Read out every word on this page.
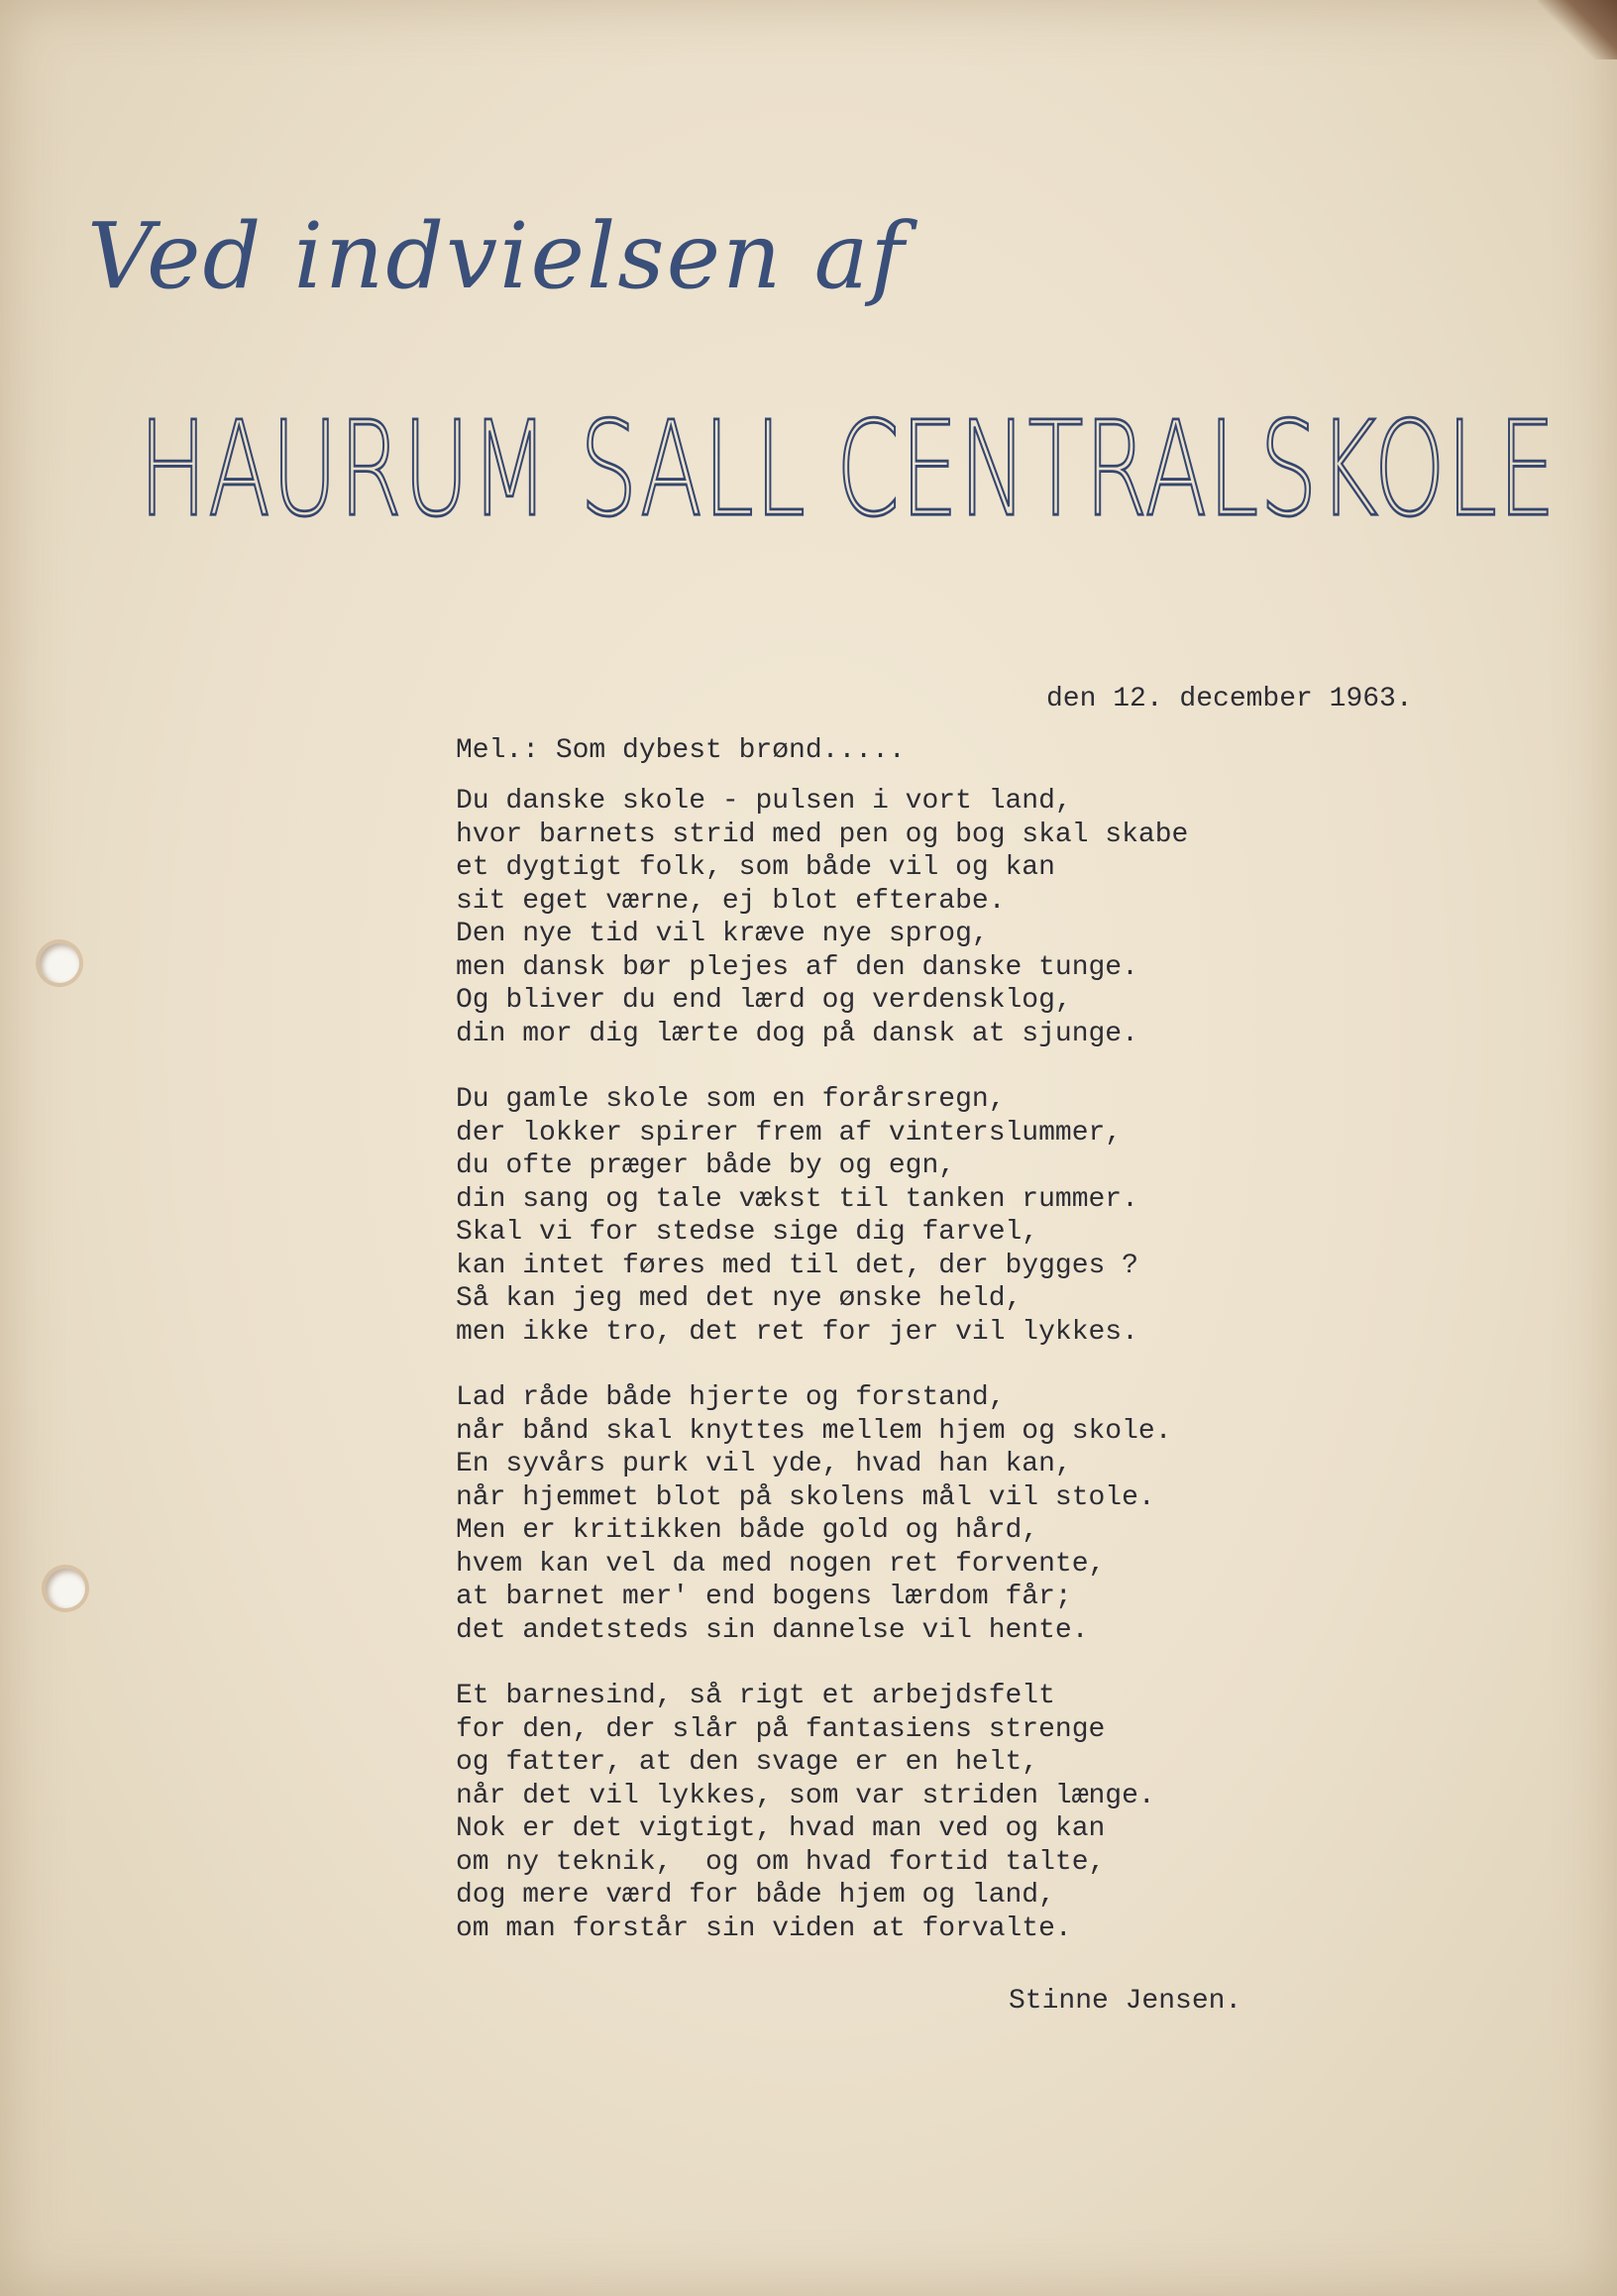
Ved indvielsen af
HAURUM SALL CENTRALSKOLE
den 12. december 1963.
Mel.: Som dybest brønd.....
Du danske skole - pulsen i vort land,
hvor barnets strid med pen og bog skal skabe
et dygtigt folk, som både vil og kan
sit eget værne, ej blot efterabe.
Den nye tid vil kræve nye sprog,
men dansk bør plejes af den danske tunge.
Og bliver du end lærd og verdensklog,
din mor dig lærte dog på dansk at sjunge.
Du gamle skole som en forårsregn,
der lokker spirer frem af vinterslummer,
du ofte præger både by og egn,
din sang og tale vækst til tanken rummer.
Skal vi for stedse sige dig farvel,
kan intet føres med til det, der bygges ?
Så kan jeg med det nye ønske held,
men ikke tro, det ret for jer vil lykkes.
Lad råde både hjerte og forstand,
når bånd skal knyttes mellem hjem og skole.
En syvårs purk vil yde, hvad han kan,
når hjemmet blot på skolens mål vil stole.
Men er kritikken både gold og hård,
hvem kan vel da med nogen ret forvente,
at barnet mer' end bogens lærdom får;
det andetsteds sin dannelse vil hente.
Et barnesind, så rigt et arbejdsfelt
for den, der slår på fantasiens strenge
og fatter, at den svage er en helt,
når det vil lykkes, som var striden længe.
Nok er det vigtigt, hvad man ved og kan
om ny teknik,  og om hvad fortid talte,
dog mere værd for både hjem og land,
om man forstår sin viden at forvalte.
Stinne Jensen.
